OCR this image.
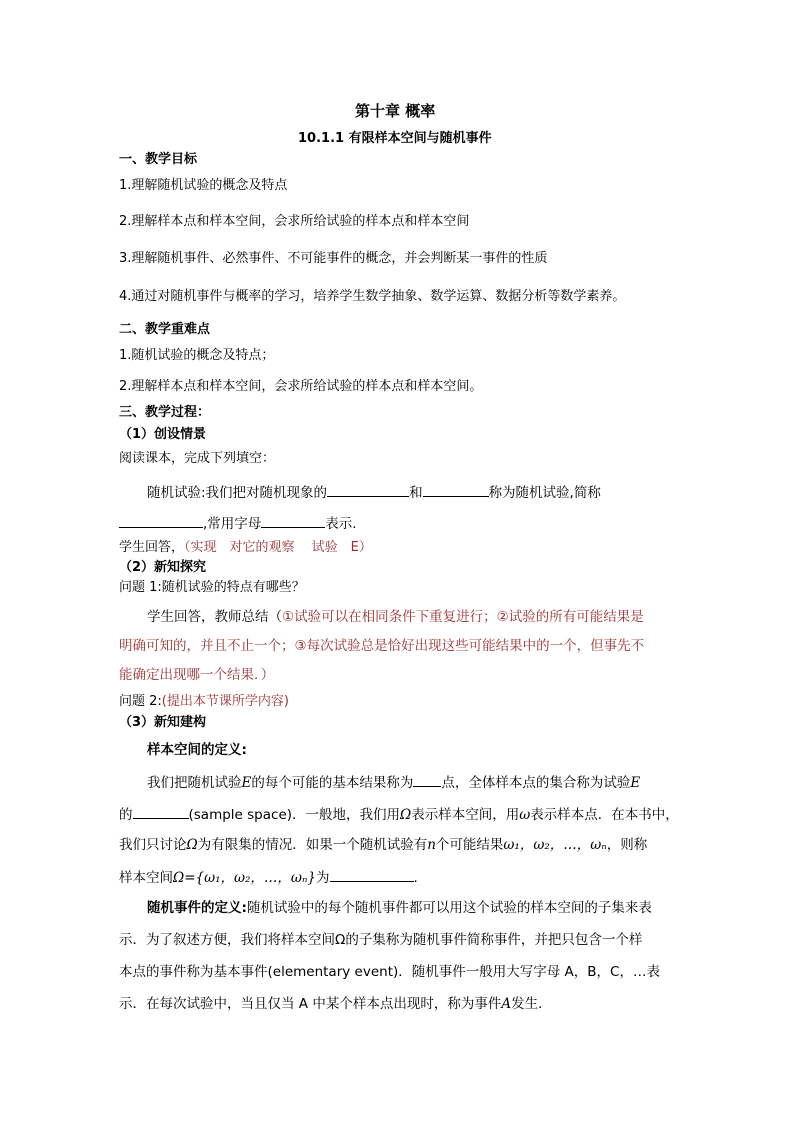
第十章 概率
10.1.1 有限样本空间与随机事件
一、教学目标
1.理解随机试验的概念及特点
2.理解样本点和样本空间，会求所给试验的样本点和样本空间
3.理解随机事件、必然事件、不可能事件的概念，并会判断某一事件的性质
4.通过对随机事件与概率的学习，培养学生数学抽象、数学运算、数据分析等数学素养。
二、教学重难点
1.随机试验的概念及特点；
2.理解样本点和样本空间，会求所给试验的样本点和样本空间。
三、教学过程：
（1）创设情景
阅读课本，完成下列填空：
随机试验:我们把对随机现象的	和	称为随机试验,简称
,常用字母	表示.
学生回答，（实现　对它的观察　 试验　E）
（2）新知探究
问题 1:随机试验的特点有哪些？
学生回答，教师总结（①试验可以在相同条件下重复进行；②试验的所有可能结果是
明确可知的，并且不止一个；③每次试验总是恰好出现这些可能结果中的一个，但事先不
能确定出现哪一个结果．）
问题 2:(提出本节课所学内容)
（3）新知建构
样本空间的定义:
我们把随机试验E的每个可能的基本结果称为 点，全体样本点的集合称为试验E
的	(sample space)．一般地，我们用Ω表示样本空间，用ω表示样本点．在本书中，
我们只讨论Ω为有限集的情况．如果一个随机试验有n个可能结果ω₁，ω₂，…，ωₙ，则称
样本空间Ω={ω₁，ω₂，…，ωₙ}为	.
随机事件的定义:随机试验中的每个随机事件都可以用这个试验的样本空间的子集来表
示．为了叙述方便，我们将样本空间Ω的子集称为随机事件简称事件，并把只包含一个样
本点的事件称为基本事件(elementary event)．随机事件一般用大写字母 A，B，C，…表
示．在每次试验中，当且仅当 A 中某个样本点出现时，称为事件A发生．
